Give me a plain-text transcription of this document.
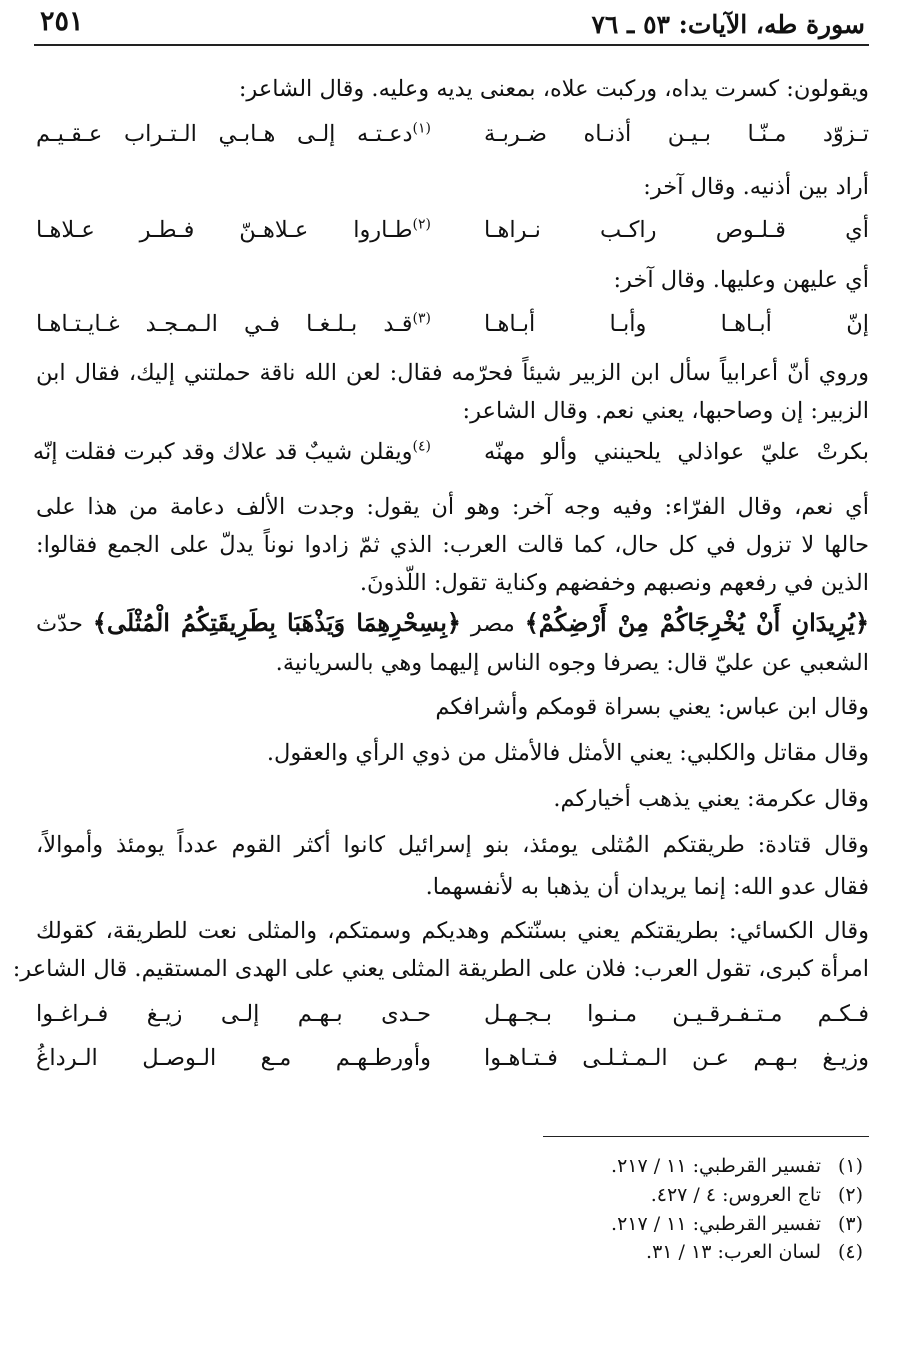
سورة طه، الآيات: ٥٣ ـ ٧٦
٢٥١
ويقولون: كسرت يداه، وركبت علاه، بمعنى يديه وعليه. وقال الشاعر:
تـزوّد مـنّـا بـيـن أذنـاه ضـربـة
$^{(١)}$دعـتـه إلـى هـابـي الـتـراب عـقـيـم
أراد بين أذنيه. وقال آخر:
أي قـلـوص راكـب نـراهـا
$^{(٢)}$طـاروا عـلاهـنّ فـطـر عـلاهـا
أي عليهن وعليها. وقال آخر:
إنّ أبـاهـا وأبـا أبـاهـا
$^{(٣)}$قـد بـلـغـا فـي الـمـجـد غـايـتـاهـا
وروي أنّ أعرابياً سأل ابن الزبير شيئاً فحرّمه فقال: لعن الله ناقة حملتني إليك، فقال ابن
الزبير: إن وصاحبها، يعني نعم. وقال الشاعر:
بكرتْ عليّ عواذلي يلحينني وألو مهنّه
$^{(٤)}$ويقلن شيبٌ قد علاك وقد كبرت فقلت إنّه
أي نعم، وقال الفرّاء: وفيه وجه آخر: وهو أن يقول: وجدت الألف دعامة من هذا على
حالها لا تزول في كل حال، كما قالت العرب: الذي ثمّ زادوا نوناً يدلّ على الجمع فقالوا:
الذين في رفعهم ونصبهم وخفضهم وكناية تقول: اللّذونَ.
﴿يُرِيدَانِ أَنْ يُخْرِجَاكُمْ مِنْ أَرْضِكُمْ﴾ مصر ﴿بِسِحْرِهِمَا وَيَذْهَبَا بِطَرِيقَتِكُمُ الْمُثْلَى﴾ حدّث
الشعبي عن عليّ قال: يصرفا وجوه الناس إليهما وهي بالسريانية.
وقال ابن عباس: يعني بسراة قومكم وأشرافكم
وقال مقاتل والكلبي: يعني الأمثل فالأمثل من ذوي الرأي والعقول.
وقال عكرمة: يعني يذهب أخياركم.
وقال قتادة: طريقتكم المُثلى يومئذ، بنو إسرائيل كانوا أكثر القوم عدداً يومئذ وأموالاً،
فقال عدو الله: إنما يريدان أن يذهبا به لأنفسهما.
وقال الكسائي: بطريقتكم يعني بسنّتكم وهديكم وسمتكم، والمثلى نعت للطريقة، كقولك
امرأة كبرى، تقول العرب: فلان على الطريقة المثلى يعني على الهدى المستقيم. قال الشاعر:
فـكـم مـتـفـرقـيـن مـنـوا بـجـهـل
حـدى بـهـم إلـى زيـغ فـراغـوا
وزيـغ بـهـم عـن الـمـثـلـى فـتـاهـوا
وأورطـهـم مـع الـوصـل الـرداغُ
(١)تفسير القرطبي: ١١ / ٢١٧.
(٢)تاج العروس: ٤ / ٤٢٧.
(٣)تفسير القرطبي: ١١ / ٢١٧.
(٤)لسان العرب: ١٣ / ٣١.
